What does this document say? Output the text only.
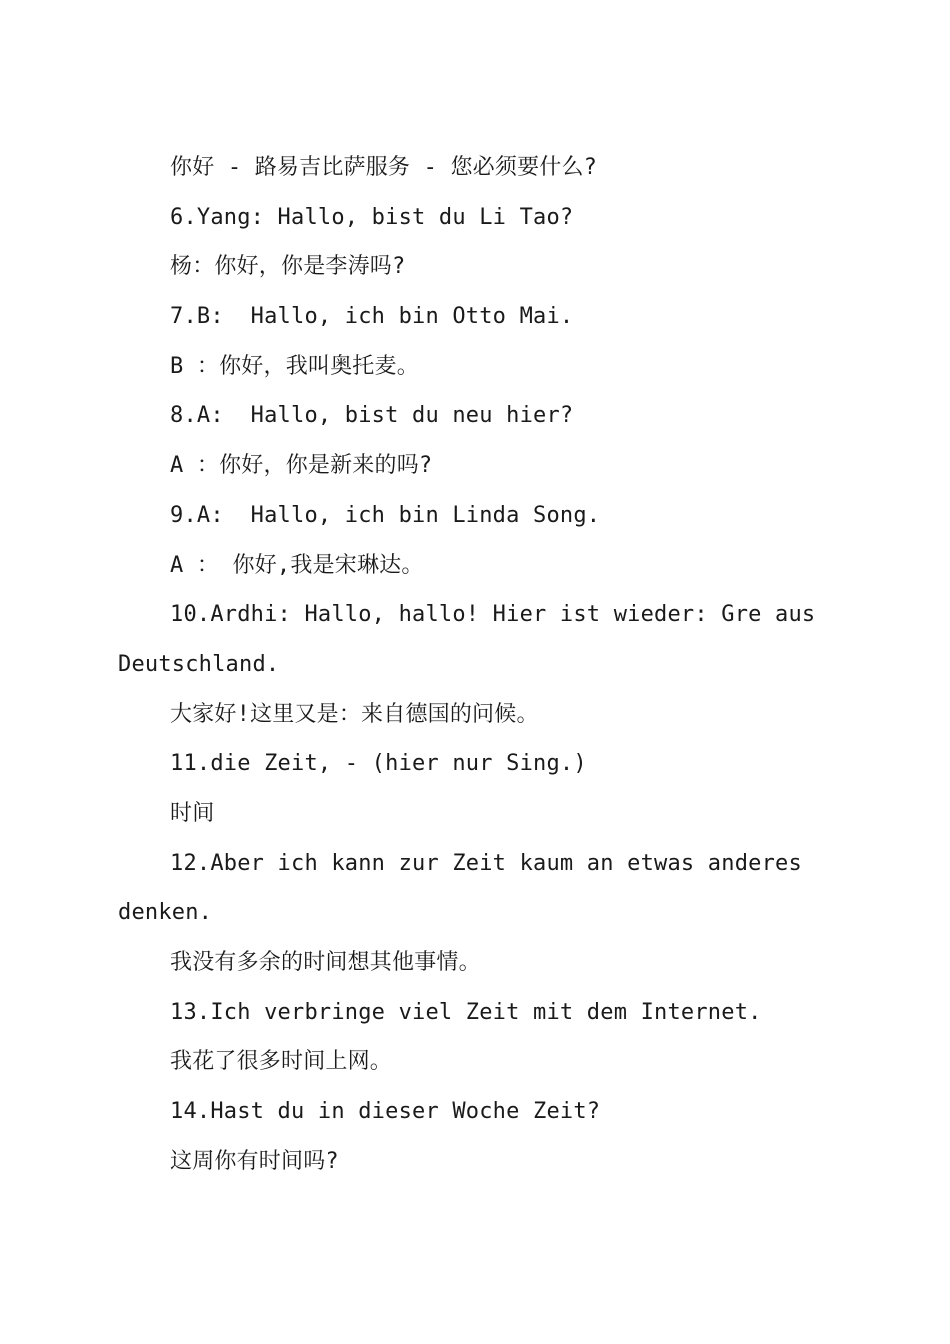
你好 - 路易吉比萨服务 - 您必须要什么?
6.Yang: Hallo, bist du Li Tao?
杨：你好，你是李涛吗?
7.B:  Hallo, ich bin Otto Mai.
B ：你好，我叫奥托麦。
8.A:  Hallo, bist du neu hier?
A ：你好，你是新来的吗?
9.A:  Hallo, ich bin Linda Song.
A ： 你好,我是宋琳达。
10.Ardhi: Hallo, hallo! Hier ist wieder: Gre aus
Deutschland.
大家好!这里又是：来自德国的问候。
11.die Zeit, - (hier nur Sing.)
时间
12.Aber ich kann zur Zeit kaum an etwas anderes
denken.
我没有多余的时间想其他事情。
13.Ich verbringe viel Zeit mit dem Internet.
我花了很多时间上网。
14.Hast du in dieser Woche Zeit?
这周你有时间吗?
